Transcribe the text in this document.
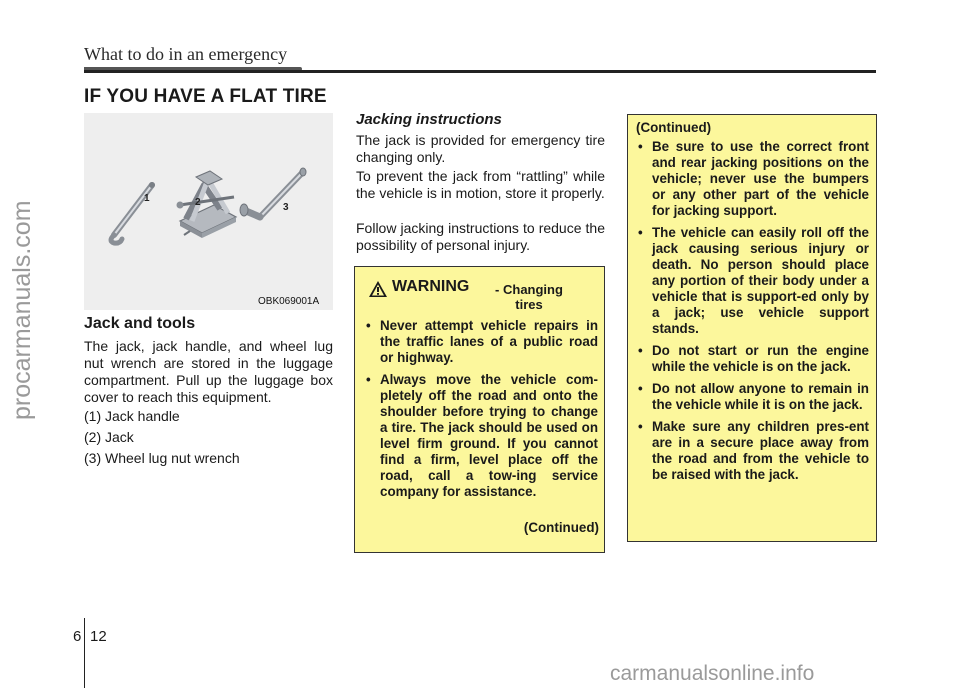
procarmanuals.com
What to do in an emergency
IF YOU HAVE A FLAT TIRE
1	2	3
OBK069001A
Jack and tools
The jack, jack handle, and wheel lug nut wrench are stored in the luggage compartment. Pull up the luggage box cover to reach this equipment.
(1) Jack handle
(2) Jack
(3) Wheel lug nut wrench
Jacking instructions
The jack is provided for emergency tire changing only.
To prevent the jack from “rattling” while the vehicle is in motion, store it properly.
Follow jacking instructions to reduce the possibility of personal injury.
WARNING	- Changing tires
• Never attempt vehicle repairs in the traffic lanes of a public road or highway.
• Always move the vehicle com-pletely off the road and onto the shoulder before trying to change a tire. The jack should be used on level firm ground. If you cannot find a firm, level place off the road, call a tow-ing service company for assistance.
(Continued)
(Continued)
• Be sure to use the correct front and rear jacking positions on the vehicle; never use the bumpers or any other part of the vehicle for jacking support.
• The vehicle can easily roll off the jack causing serious injury or death. No person should place any portion of their body under a vehicle that is support-ed only by a jack; use vehicle support stands.
• Do not start or run the engine while the vehicle is on the jack.
• Do not allow anyone to remain in the vehicle while it is on the jack.
• Make sure any children pres-ent are in a secure place away from the road and from the vehicle to be raised with the jack.
6 12
carmanualsonline.info
